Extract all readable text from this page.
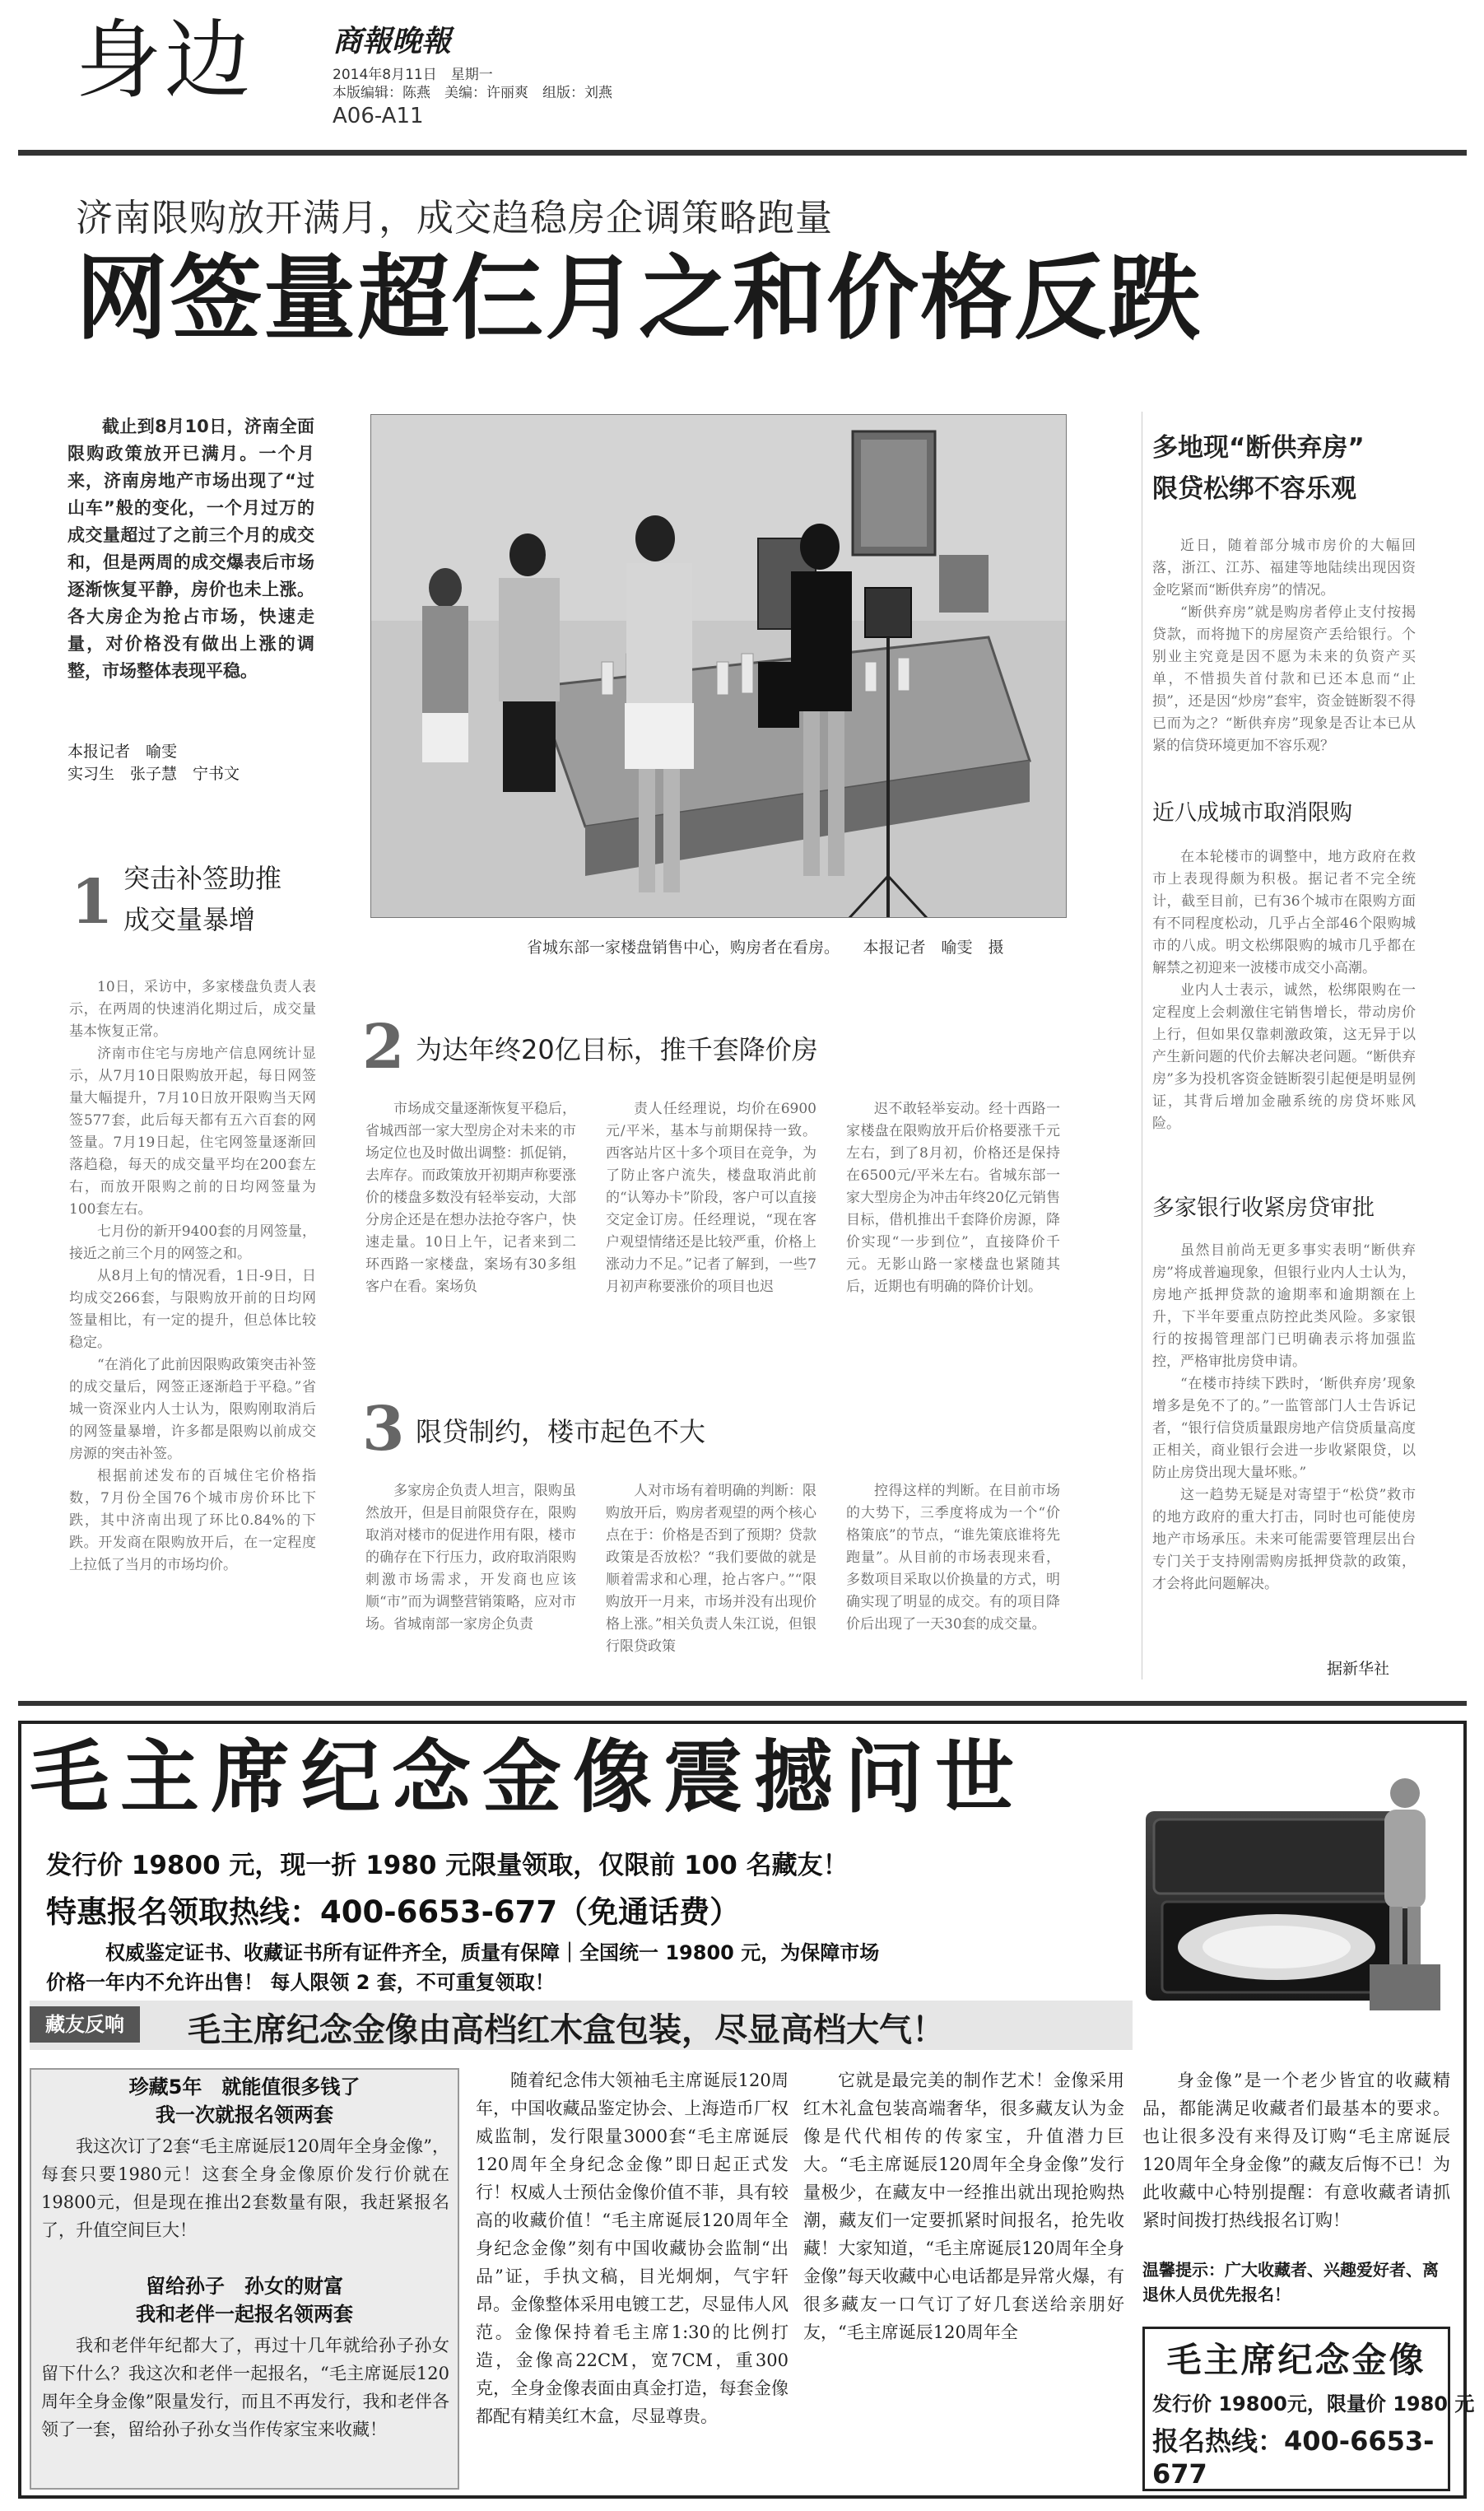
身边	商報晚報
2014年8月11日　星期一
本版编辑：陈燕　美编：许丽爽　组版：刘燕
A06-A11
济南限购放开满月，成交趋稳房企调策略跑量
网签量超仨月之和价格反跌

截止到8月10日，济南全面限购政策放开已满月。一个月来，济南房地产市场出现了“过山车”般的变化，一个月过万的成交量超过了之前三个月的成交和，但是两周的成交爆表后市场逐渐恢复平静，房价也未上涨。各大房企为抢占市场，快速走量，对价格没有做出上涨的调整，市场整体表现平稳。

本报记者　喻雯
实习生　张子慧　宁书文
省城东部一家楼盘销售中心，购房者在看房。　　本报记者　喻雯　摄
1 突击补签助推
成交量暴增

10日，采访中，多家楼盘负责人表示，在两周的快速消化期过后，成交量基本恢复正常。

济南市住宅与房地产信息网统计显示，从7月10日限购放开起，每日网签量大幅提升，7月10日放开限购当天网签577套，此后每天都有五六百套的网签量。7月19日起，住宅网签量逐渐回落趋稳，每天的成交量平均在200套左右，而放开限购之前的日均网签量为100套左右。

七月份的新开9400套的月网签量，接近之前三个月的网签之和。

从8月上旬的情况看，1日-9日，日均成交266套，与限购放开前的日均网签量相比，有一定的提升，但总体比较稳定。

“在消化了此前因限购政策突击补签的成交量后，网签正逐渐趋于平稳。”省城一资深业内人士认为，限购刚取消后的网签量暴增，许多都是限购以前成交房源的突击补签。

根据前述发布的百城住宅价格指数，7月份全国76个城市房价环比下跌，其中济南出现了环比0.84%的下跌。开发商在限购放开后，在一定程度上拉低了当月的市场均价。

2 为达年终20亿目标，推千套降价房

市场成交量逐渐恢复平稳后，省城西部一家大型房企对未来的市场定位也及时做出调整：抓促销，去库存。而政策放开初期声称要涨价的楼盘多数没有轻举妄动，大部分房企还是在想办法抢夺客户，快速走量。10日上午，记者来到二环西路一家楼盘，案场有30多组客户在看。案场负

责人任经理说，均价在6900元/平米，基本与前期保持一致。西客站片区十多个项目在竞争，为了防止客户流失，楼盘取消此前的“认筹办卡”阶段，客户可以直接交定金订房。任经理说，“现在客户观望情绪还是比较严重，价格上涨动力不足。”记者了解到，一些7月初声称要涨价的项目也迟

迟不敢轻举妄动。经十西路一家楼盘在限购放开后价格要涨千元左右，到了8月初，价格还是保持在6500元/平米左右。省城东部一家大型房企为冲击年终20亿元销售目标，借机推出千套降价房源，降价实现“一步到位”，直接降价千元。无影山路一家楼盘也紧随其后，近期也有明确的降价计划。

3 限贷制约，楼市起色不大

多家房企负责人坦言，限购虽然放开，但是目前限贷存在，限购取消对楼市的促进作用有限，楼市的确存在下行压力，政府取消限购刺激市场需求，开发商也应该顺“市”而为调整营销策略，应对市场。省城南部一家房企负责

人对市场有着明确的判断：限购放开后，购房者观望的两个核心点在于：价格是否到了预期？贷款政策是否放松？“我们要做的就是顺着需求和心理，抢占客户。”“限购放开一月来，市场并没有出现价格上涨。”相关负责人朱江说，但银行限贷政策

控得这样的判断。在目前市场的大势下，三季度将成为一个“价格策底”的节点，“谁先策底谁将先跑量”。从目前的市场表现来看，多数项目采取以价换量的方式，明确实现了明显的成交。有的项目降价后出现了一天30套的成交量。

多地现“断供弃房”
限贷松绑不容乐观

近日，随着部分城市房价的大幅回落，浙江、江苏、福建等地陆续出现因资金吃紧而“断供弃房”的情况。

“断供弃房”就是购房者停止支付按揭贷款，而将抛下的房屋资产丢给银行。个别业主究竟是因不愿为未来的负资产买单，不惜损失首付款和已还本息而“止损”，还是因“炒房”套牢，资金链断裂不得已而为之？“断供弃房”现象是否让本已从紧的信贷环境更加不容乐观？

近八成城市取消限购

在本轮楼市的调整中，地方政府在救市上表现得颇为积极。据记者不完全统计，截至目前，已有36个城市在限购方面有不同程度松动，几乎占全部46个限购城市的八成。明文松绑限购的城市几乎都在解禁之初迎来一波楼市成交小高潮。

业内人士表示，诚然，松绑限购在一定程度上会刺激住宅销售增长，带动房价上行，但如果仅靠刺激政策，这无异于以产生新问题的代价去解决老问题。“断供弃房”多为投机客资金链断裂引起便是明显例证，其背后增加金融系统的房贷坏账风险。

多家银行收紧房贷审批

虽然目前尚无更多事实表明“断供弃房”将成普遍现象，但银行业内人士认为，房地产抵押贷款的逾期率和逾期额在上升，下半年要重点防控此类风险。多家银行的按揭管理部门已明确表示将加强监控，严格审批房贷申请。

“在楼市持续下跌时，‘断供弃房’现象增多是免不了的。”一监管部门人士告诉记者，“银行信贷质量跟房地产信贷质量高度正相关，商业银行会进一步收紧限贷，以防止房贷出现大量坏账。”

这一趋势无疑是对寄望于“松贷”救市的地方政府的重大打击，同时也可能使房地产市场承压。未来可能需要管理层出台专门关于支持刚需购房抵押贷款的政策，才会将此问题解决。

据新华社
毛主席纪念金像震撼问世
发行价 19800 元，现一折 1980 元限量领取，仅限前 100 名藏友！
特惠报名领取热线：400-6653-677（免通话费）
权威鉴定证书、收藏证书所有证件齐全，质量有保障｜全国统一 19800 元，为保障市场
价格一年内不允许出售！ 每人限领 2 套，不可重复领取！
藏友反响	毛主席纪念金像由高档红木盒包装，尽显高档大气！
珍藏5年　就能值很多钱了
我一次就报名领两套

我这次订了2套“毛主席诞辰120周年全身金像”，每套只要1980元！这套全身金像原价发行价就在19800元，但是现在推出2套数量有限，我赶紧报名了，升值空间巨大！

留给孙子　孙女的财富
我和老伴一起报名领两套

我和老伴年纪都大了，再过十几年就给孙子孙女留下什么？我这次和老伴一起报名，“毛主席诞辰120周年全身金像”限量发行，而且不再发行，我和老伴各领了一套，留给孙子孙女当作传家宝来收藏！

随着纪念伟大领袖毛主席诞辰120周年，中国收藏品鉴定协会、上海造币厂权威监制，发行限量3000套“毛主席诞辰120周年全身纪念金像”即日起正式发行！权威人士预估金像价值不菲，具有较高的收藏价值！“毛主席诞辰120周年全身纪念金像”刻有中国收藏协会监制“出品”证，手执文稿，目光炯炯，气宇轩昂。金像整体采用电镀工艺，尽显伟人风范。金像保持着毛主席1:30的比例打造，金像高22CM，宽7CM，重300克，全身金像表面由真金打造，每套金像都配有精美红木盒，尽显尊贵。

它就是最完美的制作艺术！金像采用红木礼盒包装高端奢华，很多藏友认为金像是代代相传的传家宝，升值潜力巨大。“毛主席诞辰120周年全身金像”发行量极少，在藏友中一经推出就出现抢购热潮，藏友们一定要抓紧时间报名，抢先收藏！大家知道，“毛主席诞辰120周年全身金像”每天收藏中心电话都是异常火爆，有很多藏友一口气订了好几套送给亲朋好友，“毛主席诞辰120周年全

身金像”是一个老少皆宜的收藏精品，都能满足收藏者们最基本的要求。也让很多没有来得及订购“毛主席诞辰120周年全身金像”的藏友后悔不已！为此收藏中心特别提醒：有意收藏者请抓紧时间拨打热线报名订购！

温馨提示：广大收藏者、兴趣爱好者、离退休人员优先报名！
毛主席纪念金像
发行价 19800元，限量价 1980 元
报名热线：400-6653-677
